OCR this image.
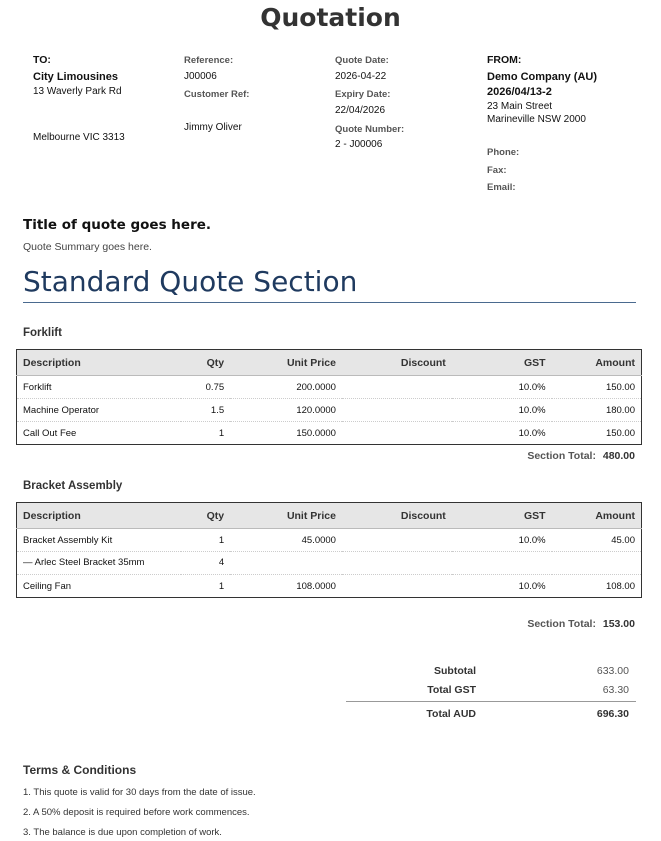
Quotation
TO:
City Limousines
13 Waverly Park Rd
Melbourne VIC 3313
Reference:
J00006
Customer Ref:
Jimmy Oliver
Quote Date:
2026-04-22
Expiry Date:
22/04/2026
Quote Number:
2 - J00006
FROM:
Demo Company (AU)
2026/04/13-2
23 Main Street
Marineville NSW 2000
Phone:
Fax:
Email:
Title of quote goes here.
Quote Summary goes here.
Standard Quote Section
Forklift
Description	Qty	Unit Price	Discount	GST	Amount
Forklift	0.75	200.0000		10.0%	150.00
Machine Operator	1.5	120.0000		10.0%	180.00
Call Out Fee	1	150.0000		10.0%	150.00
Section Total: 480.00
Bracket Assembly
Description	Qty	Unit Price	Discount	GST	Amount
Bracket Assembly Kit	1	45.0000		10.0%	45.00
— Arlec Steel Bracket 35mm	4				
Ceiling Fan	1	108.0000		10.0%	108.00
Section Total: 153.00
Subtotal	633.00
Total GST	63.30
Total AUD	696.30
Terms & Conditions
1. This quote is valid for 30 days from the date of issue.
2. A 50% deposit is required before work commences.
3. The balance is due upon completion of work.
